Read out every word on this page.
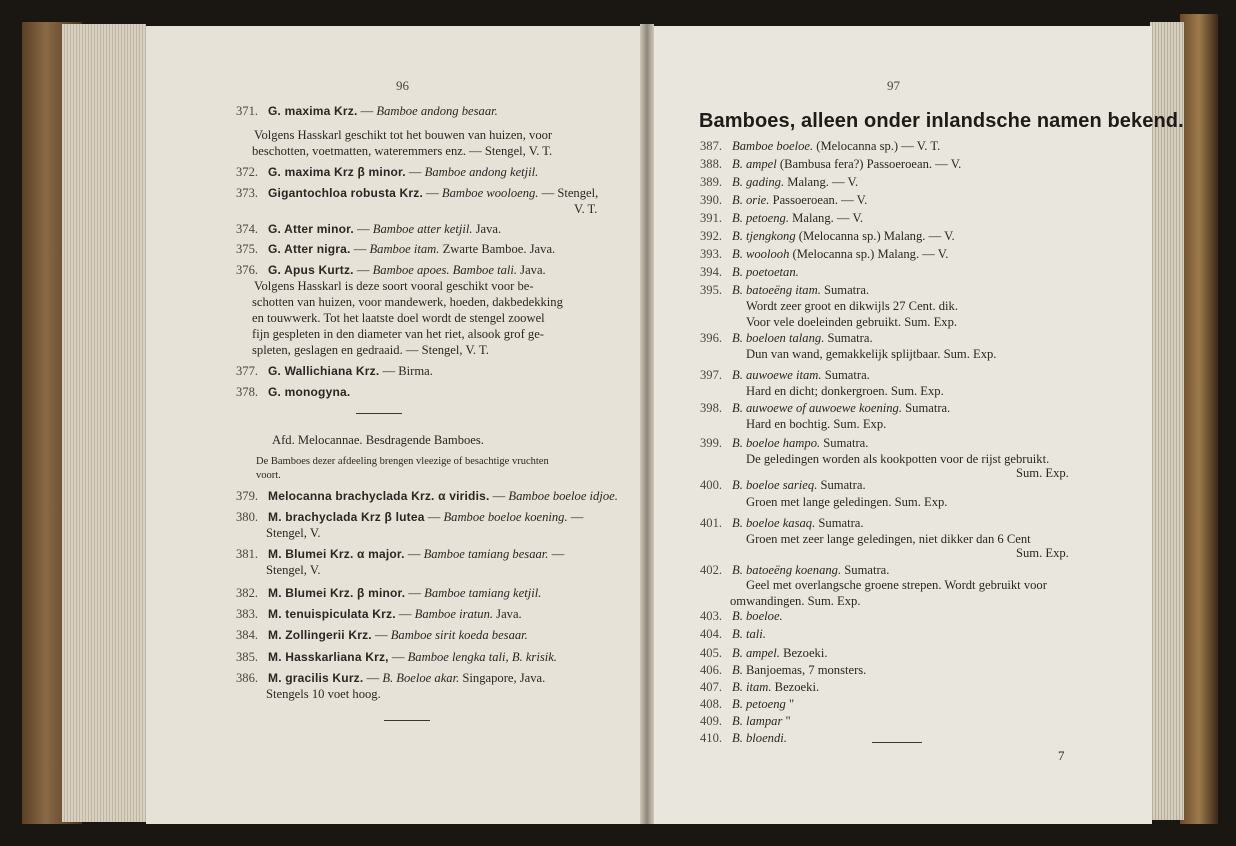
96	97
371. G. maxima Krz. — Bamboe andong besaar.
Volgens Hasskarl geschikt tot het bouwen van huizen, voor
beschotten, voetmatten, wateremmers enz. — Stengel, V. T.
372. G. maxima Krz β minor. — Bamboe andong ketjil.
373. Gigantochloa robusta Krz. — Bamboe wooloeng. — Stengel,
V. T.
374. G. Atter minor. — Bamboe atter ketjil. Java.
375. G. Atter nigra. — Bamboe itam. Zwarte Bamboe. Java.
376. G. Apus Kurtz. — Bamboe apoes. Bamboe tali. Java.
Volgens Hasskarl is deze soort vooral geschikt voor be-
schotten van huizen, voor mandewerk, hoeden, dakbedekking
en touwwerk. Tot het laatste doel wordt de stengel zoowel
fijn gespleten in den diameter van het riet, alsook grof ge-
spleten, geslagen en gedraaid. — Stengel, V. T.
377. G. Wallichiana Krz. — Birma.
378. G. monogyna.
Afd. Melocannae. Besdragende Bamboes.
De Bamboes dezer afdeeling brengen vleezige of besachtige vruchten
voort.
379. Melocanna brachyclada Krz. α viridis. — Bamboe boeloe idjoe.
380. M. brachyclada Krz β lutea — Bamboe boeloe koening. —
Stengel, V.
381. M. Blumei Krz. α major. — Bamboe tamiang besaar. —
Stengel, V.
382. M. Blumei Krz. β minor. — Bamboe tamiang ketjil.
383. M. tenuispiculata Krz. — Bamboe iratun. Java.
384. M. Zollingerii Krz. — Bamboe sirit koeda besaar.
385. M. Hasskarliana Krz, — Bamboe lengka tali, B. krisik.
386. M. gracilis Kurz. — B. Boeloe akar. Singapore, Java.
Stengels 10 voet hoog.
Bamboes, alleen onder inlandsche namen bekend.
387. Bamboe boeloe. (Melocanna sp.) — V. T.
388. B. ampel (Bambusa fera?) Passoeroean. — V.
389. B. gading. Malang. — V.
390. B. orie. Passoeroean. — V.
391. B. petoeng. Malang. — V.
392. B. tjengkong (Melocanna sp.) Malang. — V.
393. B. woolooh (Melocanna sp.) Malang. — V.
394. B. poetoetan.
395. B. batoeëng itam. Sumatra.
Wordt zeer groot en dikwijls 27 Cent. dik.
Voor vele doeleinden gebruikt. Sum. Exp.
396. B. boeloen talang. Sumatra.
Dun van wand, gemakkelijk splijtbaar. Sum. Exp.
397. B. auwoewe itam. Sumatra.
Hard en dicht; donkergroen. Sum. Exp.
398. B. auwoewe of auwoewe koening. Sumatra.
Hard en bochtig. Sum. Exp.
399. B. boeloe hampo. Sumatra.
De geledingen worden als kookpotten voor de rijst gebruikt.
Sum. Exp.
400. B. boeloe sarieq. Sumatra.
Groen met lange geledingen. Sum. Exp.
401. B. boeloe kasaq. Sumatra.
Groen met zeer lange geledingen, niet dikker dan 6 Cent
Sum. Exp.
402. B. batoeëng koenang. Sumatra.
Geel met overlangsche groene strepen. Wordt gebruikt voor
omwandingen. Sum. Exp.
403. B. boeloe.
404. B. tali.
405. B. ampel. Bezoeki.
406. B. Banjoemas, 7 monsters.
407. B. itam. Bezoeki.
408. B. petoeng "
409. B. lampar "
410. B. bloendi.
7
